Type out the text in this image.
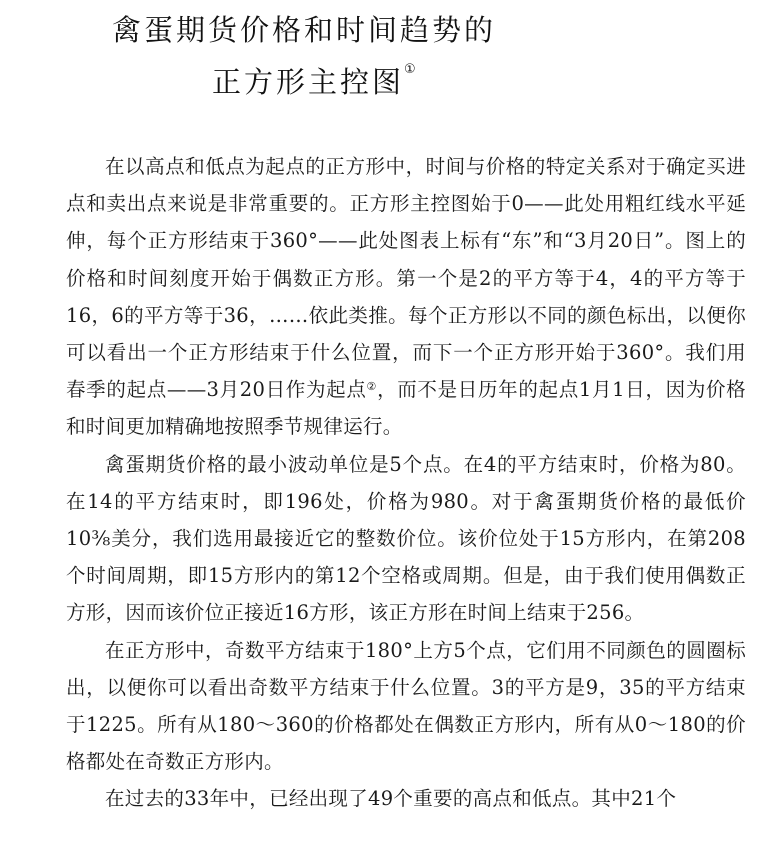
禽蛋期货价格和时间趋势的
正方形主控图①

在以高点和低点为起点的正方形中，时间与价格的特定关系对于确定买进点和卖出点来说是非常重要的。正方形主控图始于0——此处用粗红线水平延伸，每个正方形结束于360°——此处图表上标有“东”和“3月20日”。图上的价格和时间刻度开始于偶数正方形。第一个是2的平方等于4，4的平方等于16，6的平方等于36，……依此类推。每个正方形以不同的颜色标出，以便你可以看出一个正方形结束于什么位置，而下一个正方形开始于360°。我们用春季的起点——3月20日作为起点②，而不是日历年的起点1月1日，因为价格和时间更加精确地按照季节规律运行。

禽蛋期货价格的最小波动单位是5个点。在4的平方结束时，价格为80。在14的平方结束时，即196处，价格为980。对于禽蛋期货价格的最低价10⅜美分，我们选用最接近它的整数价位。该价位处于15方形内，在第208个时间周期，即15方形内的第12个空格或周期。但是，由于我们使用偶数正方形，因而该价位正接近16方形，该正方形在时间上结束于256。

在正方形中，奇数平方结束于180°上方5个点，它们用不同颜色的圆圈标出，以便你可以看出奇数平方结束于什么位置。3的平方是9，35的平方结束于1225。所有从180～360的价格都处在偶数正方形内，所有从0～180的价格都处在奇数正方形内。

在过去的33年中，已经出现了49个重要的高点和低点。其中21个
